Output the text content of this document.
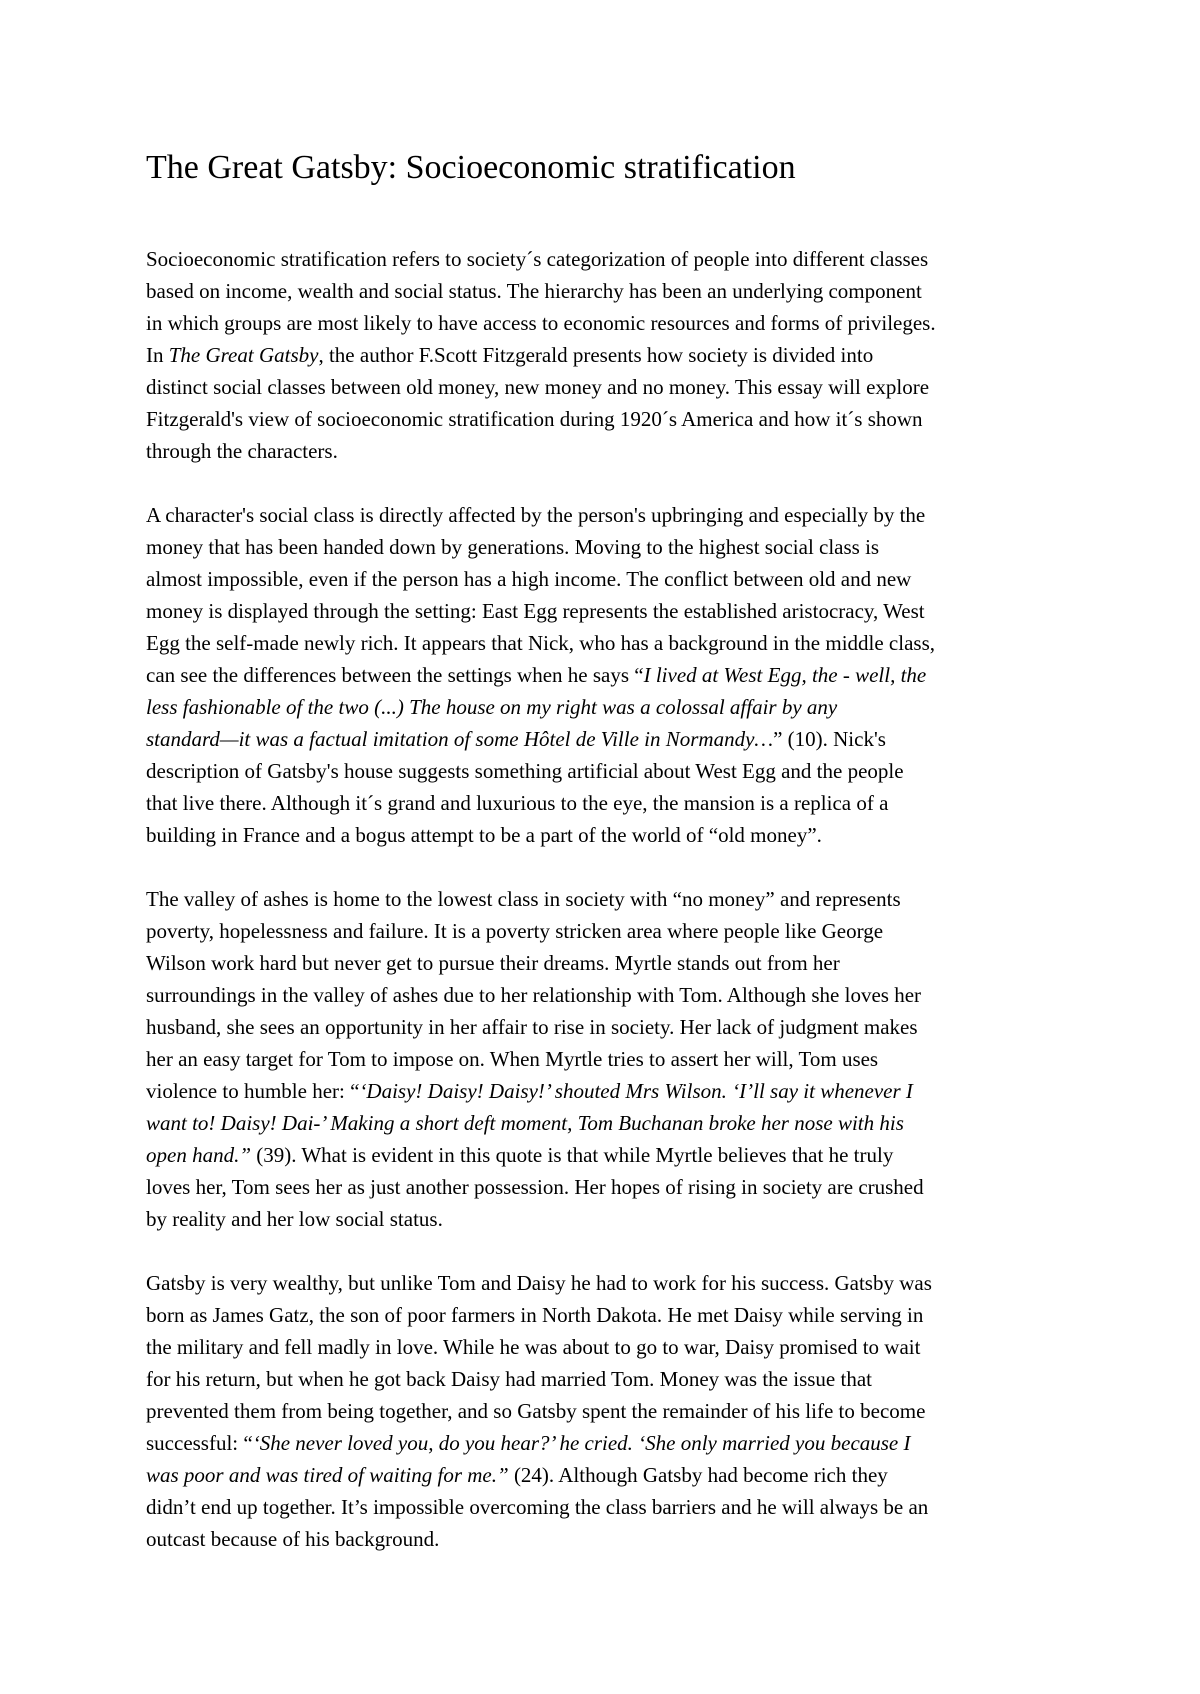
The Great Gatsby: Socioeconomic stratification

Socioeconomic stratification refers to society´s categorization of people into different classes
based on income, wealth and social status. The hierarchy has been an underlying component
in which groups are most likely to have access to economic resources and forms of privileges.
In The Great Gatsby, the author F.Scott Fitzgerald presents how society is divided into
distinct social classes between old money, new money and no money. This essay will explore
Fitzgerald's view of socioeconomic stratification during 1920´s America and how it´s shown
through the characters.

A character's social class is directly affected by the person's upbringing and especially by the
money that has been handed down by generations. Moving to the highest social class is
almost impossible, even if the person has a high income. The conflict between old and new
money is displayed through the setting: East Egg represents the established aristocracy, West
Egg the self-made newly rich. It appears that Nick, who has a background in the middle class,
can see the differences between the settings when he says “I lived at West Egg, the - well, the
less fashionable of the two (...) The house on my right was a colossal affair by any
standard—it was a factual imitation of some Hôtel de Ville in Normandy…” (10). Nick's
description of Gatsby's house suggests something artificial about West Egg and the people
that live there. Although it´s grand and luxurious to the eye, the mansion is a replica of a
building in France and a bogus attempt to be a part of the world of “old money”.

The valley of ashes is home to the lowest class in society with “no money” and represents
poverty, hopelessness and failure. It is a poverty stricken area where people like George
Wilson work hard but never get to pursue their dreams. Myrtle stands out from her
surroundings in the valley of ashes due to her relationship with Tom. Although she loves her
husband, she sees an opportunity in her affair to rise in society. Her lack of judgment makes
her an easy target for Tom to impose on. When Myrtle tries to assert her will, Tom uses
violence to humble her: “‘Daisy! Daisy! Daisy!’ shouted Mrs Wilson. ‘I’ll say it whenever I
want to! Daisy! Dai-’ Making a short deft moment, Tom Buchanan broke her nose with his
open hand.” (39). What is evident in this quote is that while Myrtle believes that he truly
loves her, Tom sees her as just another possession. Her hopes of rising in society are crushed
by reality and her low social status.

Gatsby is very wealthy, but unlike Tom and Daisy he had to work for his success. Gatsby was
born as James Gatz, the son of poor farmers in North Dakota. He met Daisy while serving in
the military and fell madly in love. While he was about to go to war, Daisy promised to wait
for his return, but when he got back Daisy had married Tom. Money was the issue that
prevented them from being together, and so Gatsby spent the remainder of his life to become
successful: “‘She never loved you, do you hear?’ he cried. ‘She only married you because I
was poor and was tired of waiting for me.” (24). Although Gatsby had become rich they
didn’t end up together. It’s impossible overcoming the class barriers and he will always be an
outcast because of his background.
